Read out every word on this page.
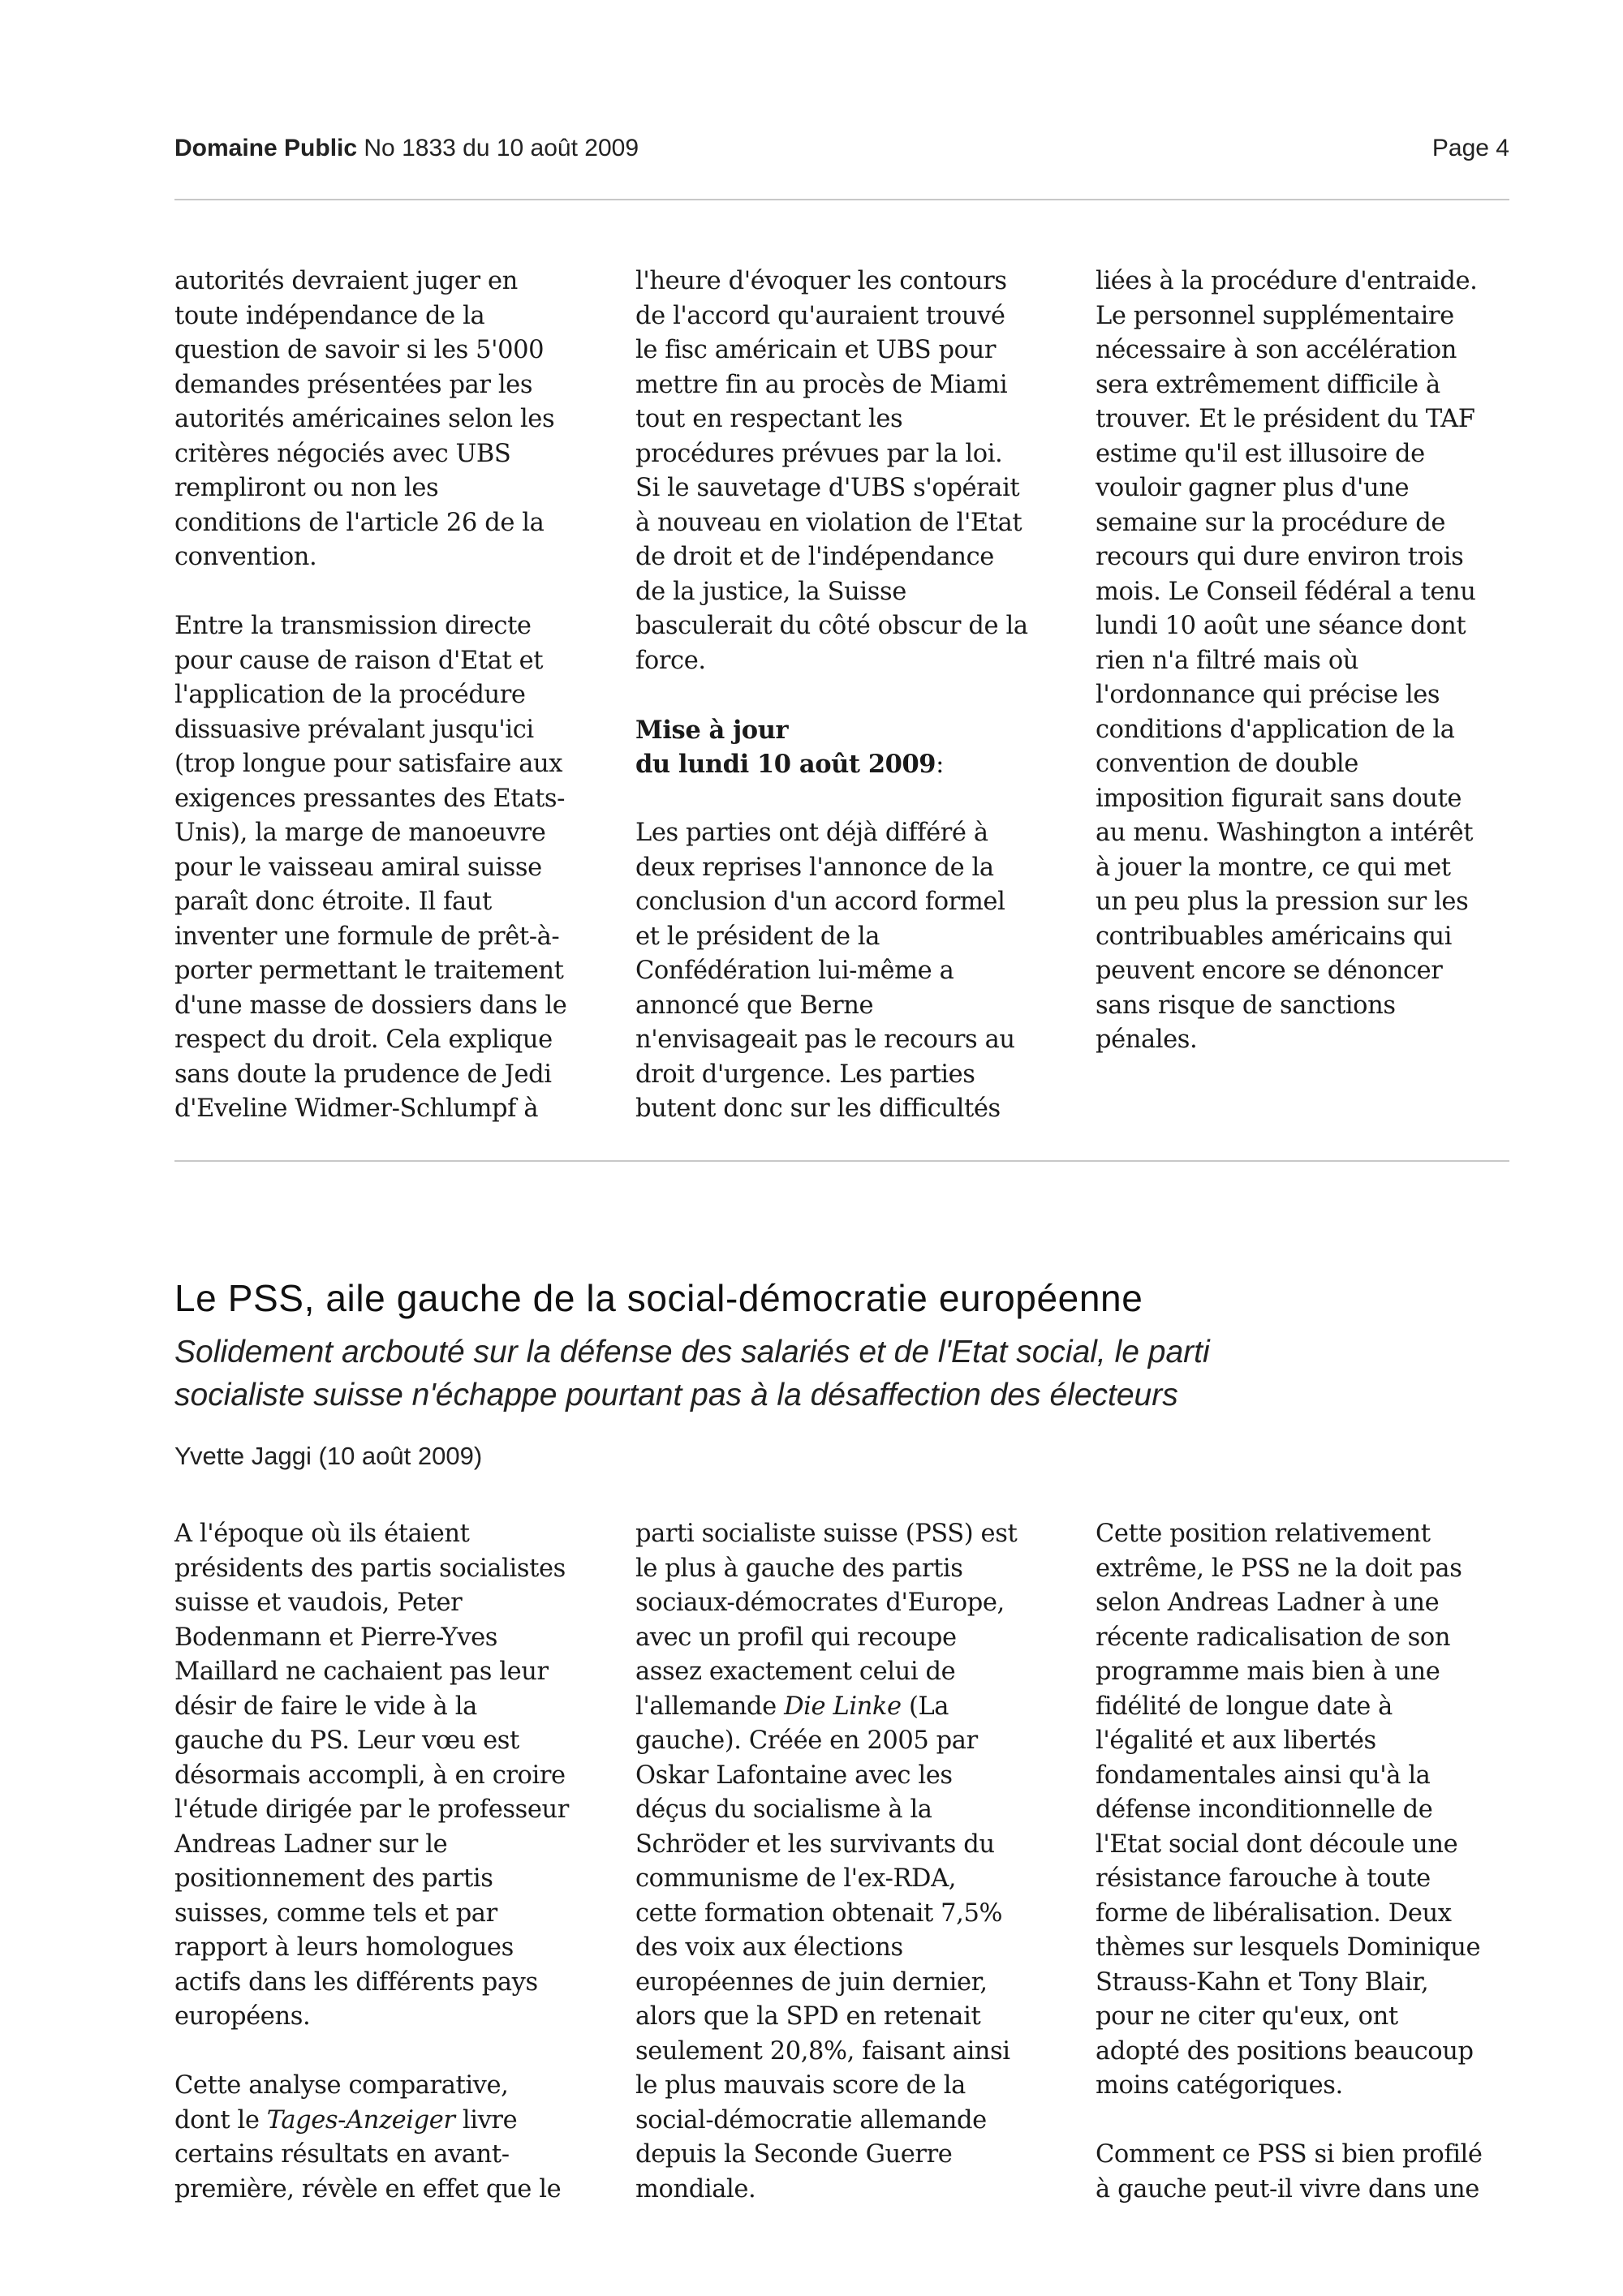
Domaine Public No 1833 du 10 août 2009	Page 4
autorités devraient juger en
toute indépendance de la
question de savoir si les 5'000
demandes présentées par les
autorités américaines selon les
critères négociés avec UBS
rempliront ou non les
conditions de l'article 26 de la
convention.
Entre la transmission directe
pour cause de raison d'Etat et
l'application de la procédure
dissuasive prévalant jusqu'ici
(trop longue pour satisfaire aux
exigences pressantes des Etats-
Unis), la marge de manoeuvre
pour le vaisseau amiral suisse
paraît donc étroite. Il faut
inventer une formule de prêt-à-
porter permettant le traitement
d'une masse de dossiers dans le
respect du droit. Cela explique
sans doute la prudence de Jedi
d'Eveline Widmer-Schlumpf à
l'heure d'évoquer les contours
de l'accord qu'auraient trouvé
le fisc américain et UBS pour
mettre fin au procès de Miami
tout en respectant les
procédures prévues par la loi.
Si le sauvetage d'UBS s'opérait
à nouveau en violation de l'Etat
de droit et de l'indépendance
de la justice, la Suisse
basculerait du côté obscur de la
force.
Mise à jour
du lundi 10 août 2009:
Les parties ont déjà différé à
deux reprises l'annonce de la
conclusion d'un accord formel
et le président de la
Confédération lui-même a
annoncé que Berne
n'envisageait pas le recours au
droit d'urgence. Les parties
butent donc sur les difficultés
liées à la procédure d'entraide.
Le personnel supplémentaire
nécessaire à son accélération
sera extrêmement difficile à
trouver. Et le président du TAF
estime qu'il est illusoire de
vouloir gagner plus d'une
semaine sur la procédure de
recours qui dure environ trois
mois. Le Conseil fédéral a tenu
lundi 10 août une séance dont
rien n'a filtré mais où
l'ordonnance qui précise les
conditions d'application de la
convention de double
imposition figurait sans doute
au menu. Washington a intérêt
à jouer la montre, ce qui met
un peu plus la pression sur les
contribuables américains qui
peuvent encore se dénoncer
sans risque de sanctions
pénales.
Le PSS, aile gauche de la social-démocratie européenne
Solidement arcbouté sur la défense des salariés et de l'Etat social, le parti
socialiste suisse n'échappe pourtant pas à la désaffection des électeurs
Yvette Jaggi (10 août 2009)
A l'époque où ils étaient
présidents des partis socialistes
suisse et vaudois, Peter
Bodenmann et Pierre-Yves
Maillard ne cachaient pas leur
désir de faire le vide à la
gauche du PS. Leur vœu est
désormais accompli, à en croire
l'étude dirigée par le professeur
Andreas Ladner sur le
positionnement des partis
suisses, comme tels et par
rapport à leurs homologues
actifs dans les différents pays
européens.
Cette analyse comparative,
dont le Tages-Anzeiger livre
certains résultats en avant-
première, révèle en effet que le
parti socialiste suisse (PSS) est
le plus à gauche des partis
sociaux-démocrates d'Europe,
avec un profil qui recoupe
assez exactement celui de
l'allemande Die Linke (La
gauche). Créée en 2005 par
Oskar Lafontaine avec les
déçus du socialisme à la
Schröder et les survivants du
communisme de l'ex-RDA,
cette formation obtenait 7,5%
des voix aux élections
européennes de juin dernier,
alors que la SPD en retenait
seulement 20,8%, faisant ainsi
le plus mauvais score de la
social-démocratie allemande
depuis la Seconde Guerre
mondiale.
Cette position relativement
extrême, le PSS ne la doit pas
selon Andreas Ladner à une
récente radicalisation de son
programme mais bien à une
fidélité de longue date à
l'égalité et aux libertés
fondamentales ainsi qu'à la
défense inconditionnelle de
l'Etat social dont découle une
résistance farouche à toute
forme de libéralisation. Deux
thèmes sur lesquels Dominique
Strauss-Kahn et Tony Blair,
pour ne citer qu'eux, ont
adopté des positions beaucoup
moins catégoriques.
Comment ce PSS si bien profilé
à gauche peut-il vivre dans une
